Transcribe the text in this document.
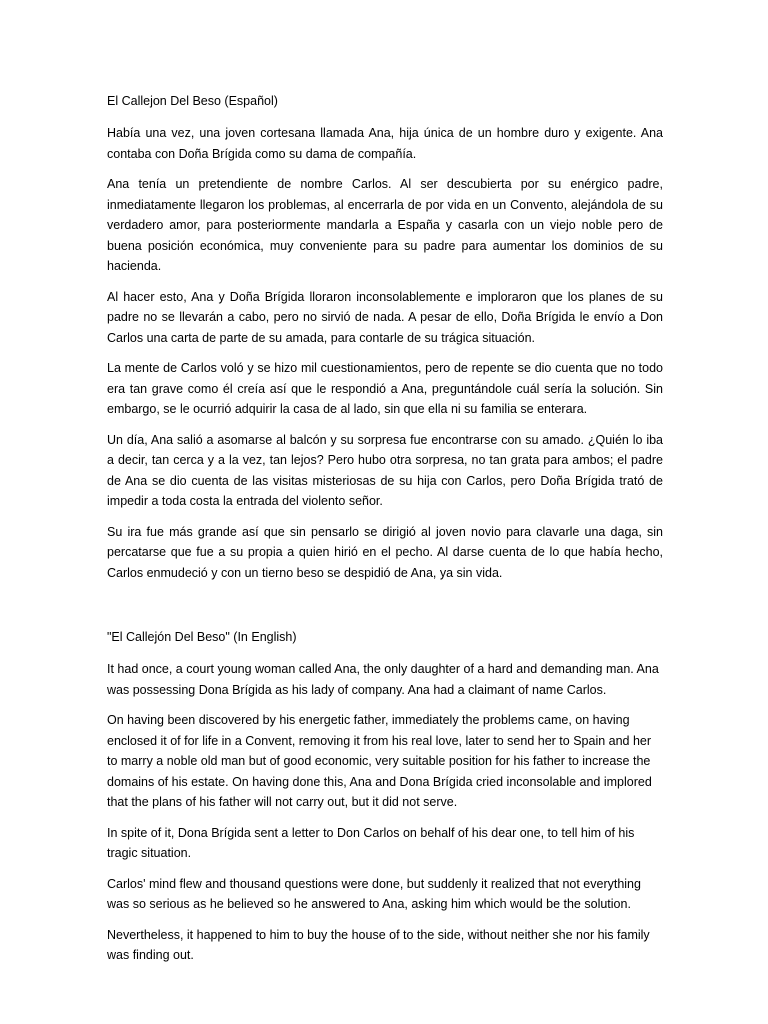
El Callejon Del Beso (Español)

Había una vez, una joven cortesana llamada Ana, hija única de un hombre duro y exigente. Ana contaba con Doña Brígida como su dama de compañía.

Ana tenía un pretendiente de nombre Carlos. Al ser descubierta por su enérgico padre, inmediatamente llegaron los problemas, al encerrarla de por vida en un Convento, alejándola de su verdadero amor, para posteriormente mandarla a España y casarla con un viejo noble pero de buena posición económica, muy conveniente para su padre para aumentar los dominios de su hacienda.

Al hacer esto, Ana y Doña Brígida lloraron inconsolablemente e imploraron que los planes de su padre no se llevarán a cabo, pero no sirvió de nada. A pesar de ello, Doña Brígida le envío a Don Carlos una carta de parte de su amada, para contarle de su trágica situación.

La mente de Carlos voló y se hizo mil cuestionamientos, pero de repente se dio cuenta que no todo era tan grave como él creía así que le respondió a Ana, preguntándole cuál sería la solución. Sin embargo, se le ocurrió adquirir la casa de al lado, sin que ella ni su familia se enterara.

Un día, Ana salió a asomarse al balcón y su sorpresa fue encontrarse con su amado. ¿Quién lo iba a decir, tan cerca y a la vez, tan lejos? Pero hubo otra sorpresa, no tan grata para ambos; el padre de Ana se dio cuenta de las visitas misteriosas de su hija con Carlos, pero Doña Brígida trató de impedir a toda costa la entrada del violento señor.

Su ira fue más grande así que sin pensarlo se dirigió al joven novio para clavarle una daga, sin percatarse que fue a su propia a quien hirió en el pecho. Al darse cuenta de lo que había hecho, Carlos enmudeció y con un tierno beso se despidió de Ana, ya sin vida.

"El Callejón Del Beso" (In English)

It had once, a court young woman called Ana, the only daughter of a hard and demanding man. Ana was possessing Dona Brígida as his lady of company. Ana had a claimant of name Carlos.

On having been discovered by his energetic father, immediately the problems came, on having enclosed it of for life in a Convent, removing it from his real love, later to send her to Spain and her to marry a noble old man but of good economic, very suitable position for his father to increase the domains of his estate. On having done this, Ana and Dona Brígida cried inconsolable and implored that the plans of his father will not carry out, but it did not serve.

In spite of it, Dona Brígida sent a letter to Don Carlos on behalf of his dear one, to tell him of his tragic situation.

Carlos' mind flew and thousand questions were done, but suddenly it realized that not everything was so serious as he believed so he answered to Ana, asking him which would be the solution.

Nevertheless, it happened to him to buy the house of to the side, without neither she nor his family was finding out.
